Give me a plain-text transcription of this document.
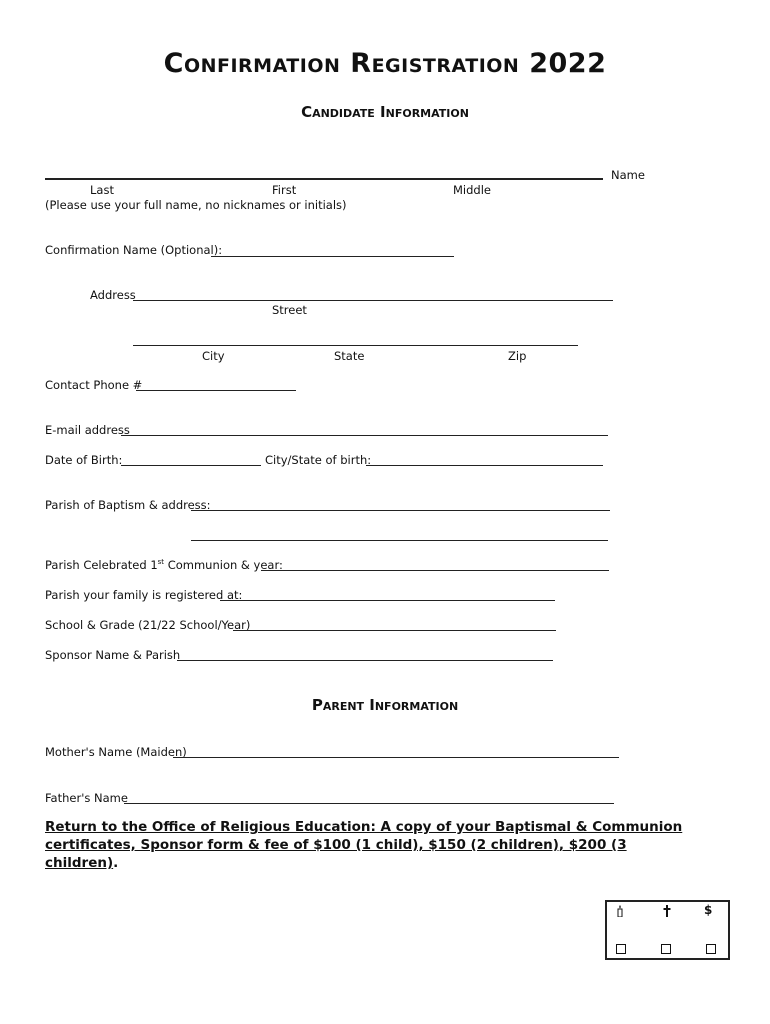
Confirmation Registration 2022
Candidate Information
Name
Last	First	Middle
(Please use your full name, no nicknames or initials)
Confirmation Name (Optional):
Address
Street
City	State	Zip
Contact Phone #
E-mail address
Date of Birth:	City/State of birth:
Parish of Baptism & address:
Parish Celebrated 1st Communion & year:
Parish your family is registered at:
School & Grade (21/22 School/Year)
Sponsor Name & Parish
Parent Information
Mother's Name (Maiden)
Father's Name
Return to the Office of Religious Education: A copy of your Baptismal & Communion certificates, Sponsor form & fee of $100 (1 child), $150 (2 children), $200 (3 children).
$
